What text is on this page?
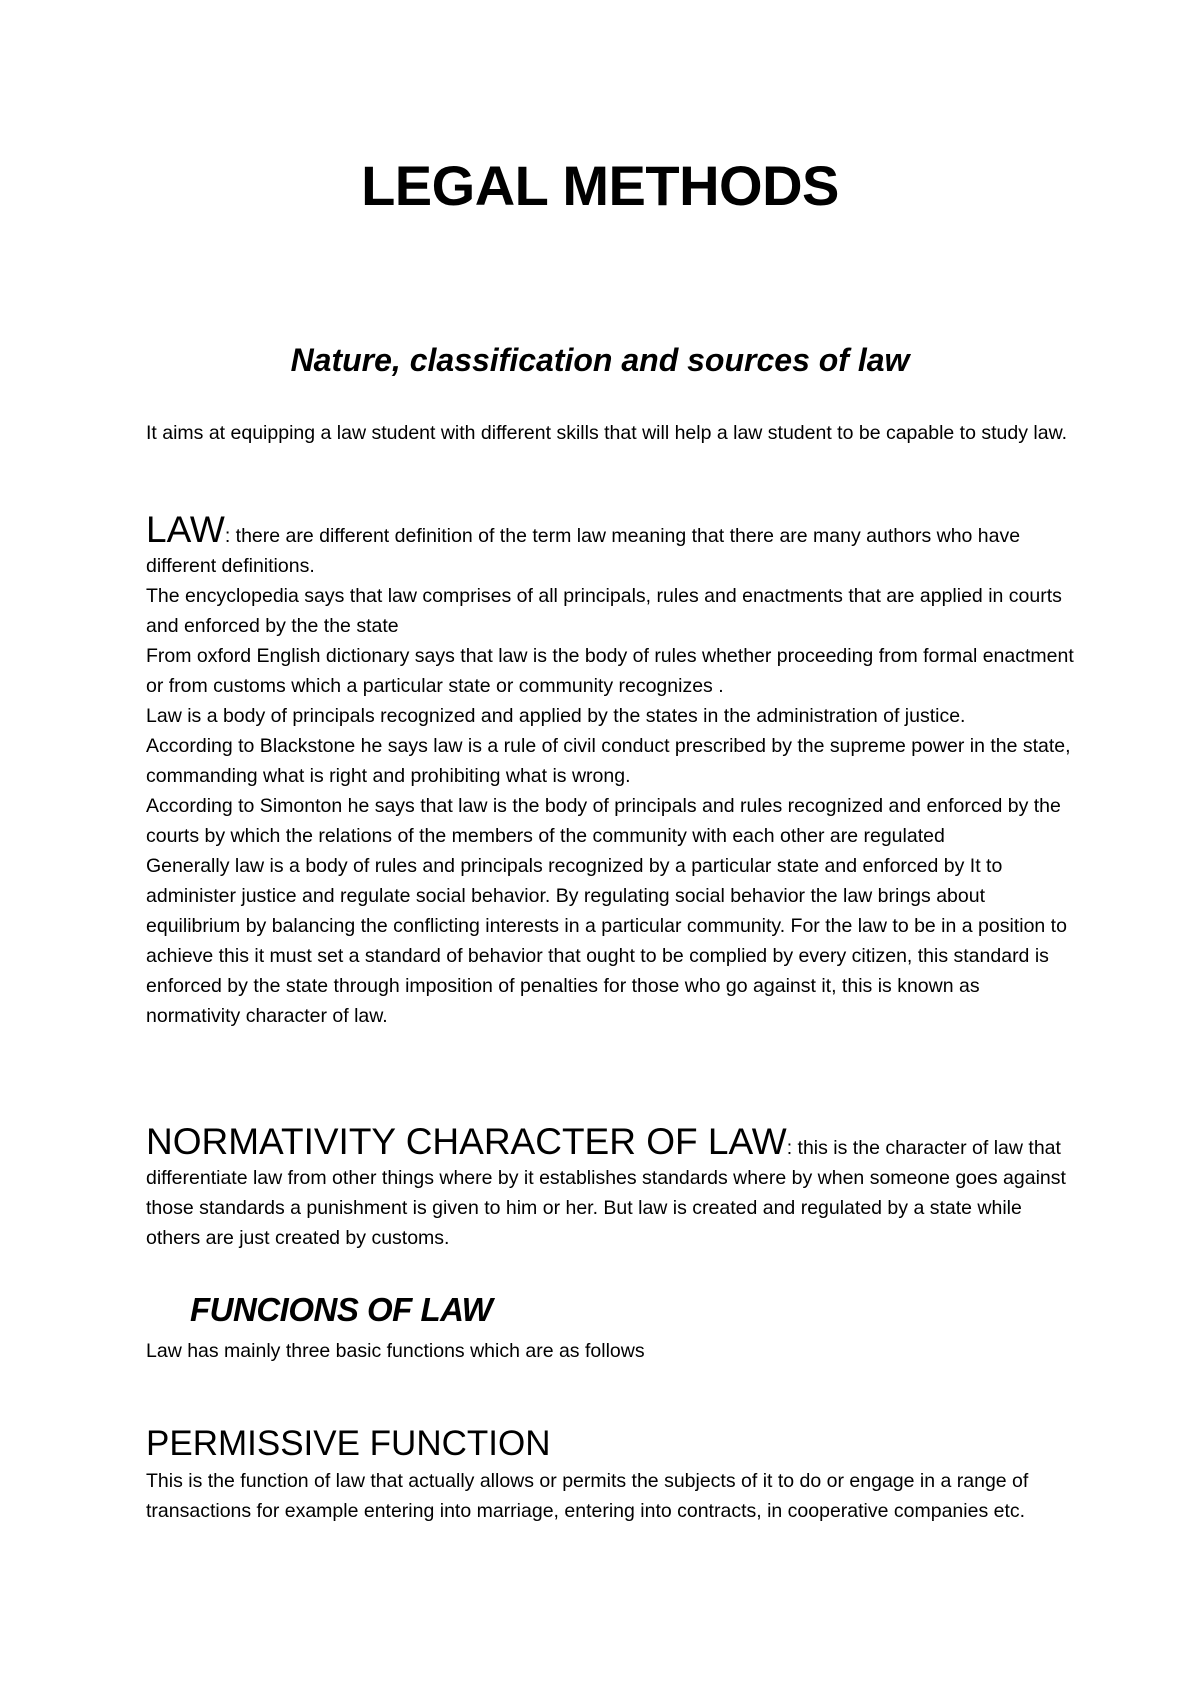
LEGAL METHODS
Nature, classification and sources of law

It aims at equipping a law student with different skills that will help a law student to be capable to study law.

LAW: there are different definition of the term law meaning that there are many authors who have different definitions.

The encyclopedia says that law comprises of all principals, rules and enactments that are applied in courts and enforced by the the state

From oxford English dictionary says that law is the body of rules whether proceeding from formal enactment or from customs which a particular state or community recognizes .

Law is a body of principals recognized and applied by the states in the administration of justice.

According to Blackstone he says law is a rule of civil conduct prescribed by the supreme power in the state, commanding what is right and prohibiting what is wrong.

According to Simonton he says that law is the body of principals and rules recognized and enforced by the courts by which the relations of the members of the community with each other are regulated

Generally law is a body of rules and principals recognized by a particular state and enforced by It to administer justice and regulate social behavior. By regulating social behavior the law brings about equilibrium by balancing the conflicting interests in a particular community. For the law to be in a position to achieve this it must set a standard of behavior that ought to be complied by every citizen, this standard is enforced by the state through imposition of penalties for those who go against it, this is known as normativity character of law.

NORMATIVITY CHARACTER OF LAW: this is the character of law that differentiate law from other things where by it establishes standards where by when someone goes against those standards a punishment is given to him or her. But law is created and regulated by a state while others are just created by customs.

FUNCIONS OF LAW

Law has mainly three basic functions which are as follows

PERMISSIVE FUNCTION

This is the function of law that actually allows or permits the subjects of it to do or engage in a range of transactions for example entering into marriage, entering into contracts, in cooperative companies etc.
